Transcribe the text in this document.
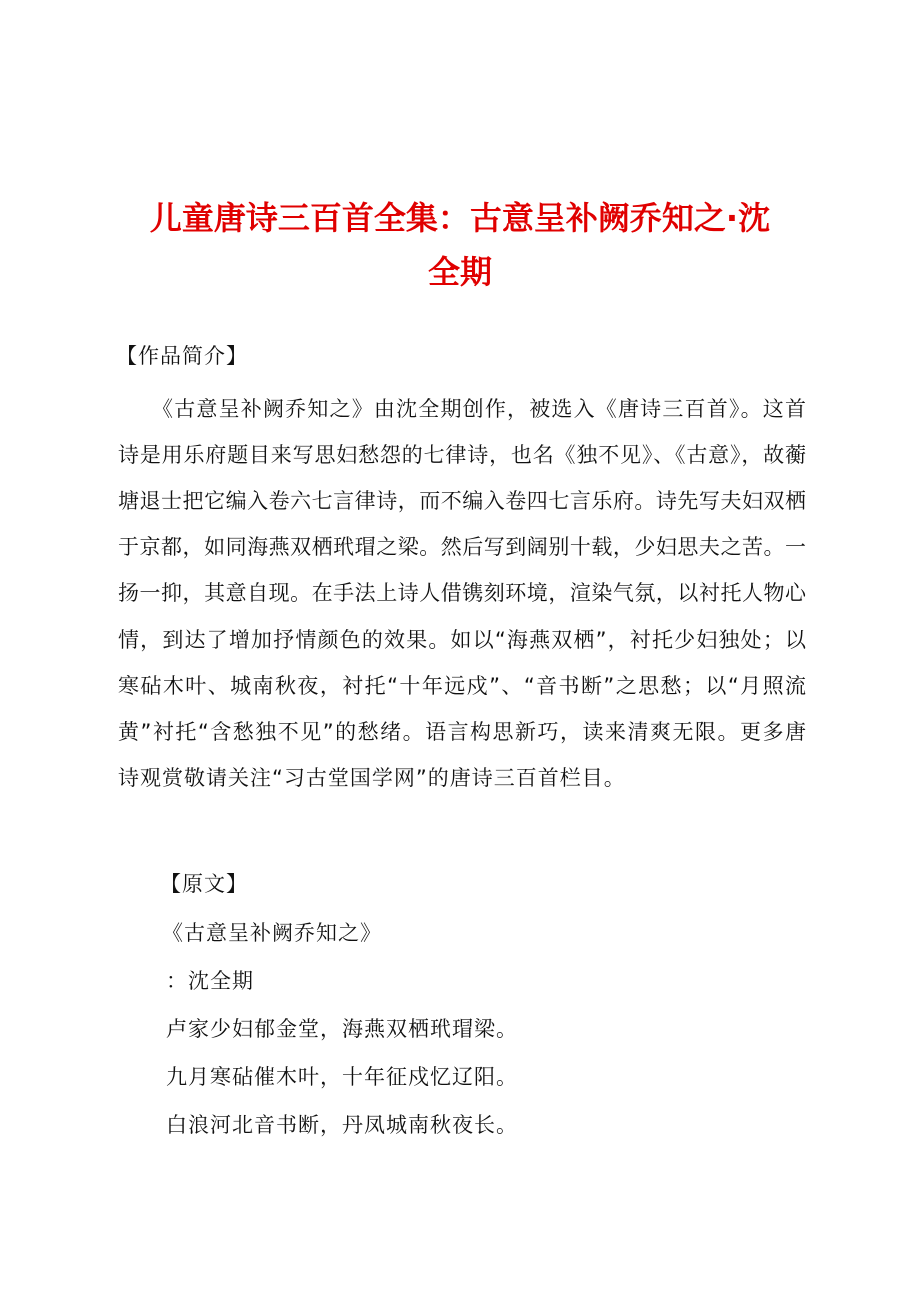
儿童唐诗三百首全集：古意呈补阙乔知之·沈
全期
【作品简介】
《古意呈补阙乔知之》由沈全期创作，被选入《唐诗三百首》。这首
诗是用乐府题目来写思妇愁怨的七律诗，也名《独不见》、《古意》，故蘅
塘退士把它编入卷六七言律诗，而不编入卷四七言乐府。诗先写夫妇双栖
于京都，如同海燕双栖玳瑁之梁。然后写到阔别十载，少妇思夫之苦。一
扬一抑，其意自现。在手法上诗人借镌刻环境，渲染气氛，以衬托人物心
情，到达了增加抒情颜色的效果。如以“海燕双栖”，衬托少妇独处；以
寒砧木叶、城南秋夜，衬托“十年远戍”、“音书断”之思愁；以“月照流
黄”衬托“含愁独不见”的愁绪。语言构思新巧，读来清爽无限。更多唐
诗观赏敬请关注“习古堂国学网”的唐诗三百首栏目。
【原文】
《古意呈补阙乔知之》
：沈全期
卢家少妇郁金堂，海燕双栖玳瑁梁。
九月寒砧催木叶，十年征戍忆辽阳。
白浪河北音书断，丹凤城南秋夜长。
